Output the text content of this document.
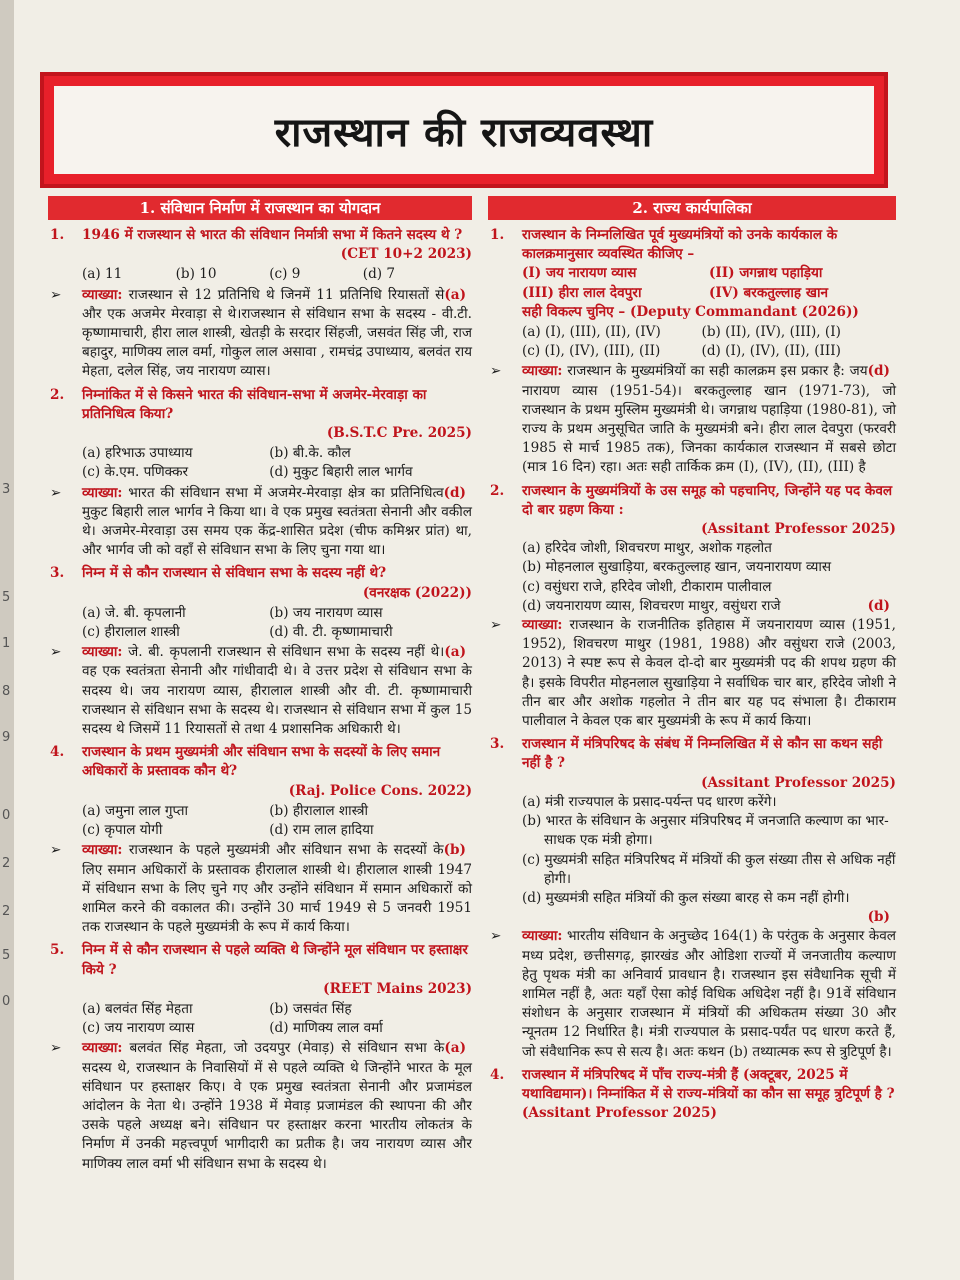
3
5
1
8
9
0
2
2
5
0
राजस्थान की राजव्यवस्था
1. संविधान निर्माण में राजस्थान का योगदान
1. 1946 में राजस्थान से भारत की संविधान निर्मात्री सभा में कितने सदस्य थे ?
(CET 10+2 2023)
(a) 11	(b) 10	(c) 9	(d) 7
➢	(a)
व्याख्या: राजस्थान से 12 प्रतिनिधि थे जिनमें 11 प्रतिनिधि रियासतों से और एक अजमेर मेरवाड़ा से थे।राजस्थान से संविधान सभा के सदस्य - वी.टी. कृष्णामाचारी, हीरा लाल शास्त्री, खेतड़ी के सरदार सिंहजी, जसवंत सिंह जी, राज बहादुर, माणिक्य लाल वर्मा, गोकुल लाल असावा , रामचंद्र उपाध्याय, बलवंत राय मेहता, दलेल सिंह, जय नारायण व्यास।
2. निम्नांकित में से किसने भारत की संविधान-सभा में अजमेर-मेरवाड़ा का प्रतिनिधित्व किया?
(B.S.T.C Pre. 2025)
(a) हरिभाऊ उपाध्याय	(b) बी.के. कौल
(c) के.एम. पणिक्कर	(d) मुकुट बिहारी लाल भार्गव
➢	(d)
व्याख्या: भारत की संविधान सभा में अजमेर-मेरवाड़ा क्षेत्र का प्रतिनिधित्व मुकुट बिहारी लाल भार्गव ने किया था। वे एक प्रमुख स्वतंत्रता सेनानी और वकील थे। अजमेर-मेरवाड़ा उस समय एक केंद्र-शासित प्रदेश (चीफ कमिश्नर प्रांत) था, और भार्गव जी को वहाँ से संविधान सभा के लिए चुना गया था।
3. निम्न में से कौन राजस्थान से संविधान सभा के सदस्य नहीं थे?
(वनरक्षक (2022))
(a) जे. बी. कृपलानी	(b) जय नारायण व्यास
(c) हीरालाल शास्त्री	(d) वी. टी. कृष्णामाचारी
➢	(a)
व्याख्या: जे. बी. कृपलानी राजस्थान से संविधान सभा के सदस्य नहीं थे। वह एक स्वतंत्रता सेनानी और गांधीवादी थे। वे उत्तर प्रदेश से संविधान सभा के सदस्य थे। जय नारायण व्यास, हीरालाल शास्त्री और वी. टी. कृष्णामाचारी राजस्थान से संविधान सभा के सदस्य थे। राजस्थान से संविधान सभा में कुल 15 सदस्य थे जिसमें 11 रियासतों से तथा 4 प्रशासनिक अधिकारी थे।
4. राजस्थान के प्रथम मुख्यमंत्री और संविधान सभा के सदस्यों के लिए समान अधिकारों के प्रस्तावक कौन थे?
(Raj. Police Cons. 2022)
(a) जमुना लाल गुप्ता	(b) हीरालाल शास्त्री
(c) कृपाल योगी	(d) राम लाल हादिया
➢	(b)
व्याख्या: राजस्थान के पहले मुख्यमंत्री और संविधान सभा के सदस्यों के लिए समान अधिकारों के प्रस्तावक हीरालाल शास्त्री थे। हीरालाल शास्त्री 1947 में संविधान सभा के लिए चुने गए और उन्होंने संविधान में समान अधिकारों को शामिल करने की वकालत की। उन्होंने 30 मार्च 1949 से 5 जनवरी 1951 तक राजस्थान के पहले मुख्यमंत्री के रूप में कार्य किया।
5. निम्न में से कौन राजस्थान से पहले व्यक्ति थे जिन्होंने मूल संविधान पर हस्ताक्षर किये ?
(REET Mains 2023)
(a) बलवंत सिंह मेहता	(b) जसवंत सिंह
(c) जय नारायण व्यास	(d) माणिक्य लाल वर्मा
➢	(a)
व्याख्या: बलवंत सिंह मेहता, जो उदयपुर (मेवाड़) से संविधान सभा के सदस्य थे, राजस्थान के निवासियों में से पहले व्यक्ति थे जिन्होंने भारत के मूल संविधान पर हस्ताक्षर किए। वे एक प्रमुख स्वतंत्रता सेनानी और प्रजामंडल आंदोलन के नेता थे। उन्होंने 1938 में मेवाड़ प्रजामंडल की स्थापना की और उसके पहले अध्यक्ष बने। संविधान पर हस्ताक्षर करना भारतीय लोकतंत्र के निर्माण में उनकी महत्त्वपूर्ण भागीदारी का प्रतीक है। जय नारायण व्यास और माणिक्य लाल वर्मा भी संविधान सभा के सदस्य थे।
2. राज्य कार्यपालिका
1. राजस्थान के निम्नलिखित पूर्व मुख्यमंत्रियों को उनके कार्यकाल के कालक्रमानुसार व्यवस्थित कीजिए –
(I) जय नारायण व्यास	(II) जगन्नाथ पहाड़िया
(III) हीरा लाल देवपुरा	(IV) बरकतुल्लाह खान
सही विकल्प चुनिए – (Deputy Commandant (2026))
(a) (I), (III), (II), (IV)	(b) (II), (IV), (III), (I)
(c) (I), (IV), (III), (II)	(d) (I), (IV), (II), (III)
➢	(d)
व्याख्या: राजस्थान के मुख्यमंत्रियों का सही कालक्रम इस प्रकार है: जय नारायण व्यास (1951-54)। बरकतुल्लाह खान (1971-73), जो राजस्थान के प्रथम मुस्लिम मुख्यमंत्री थे। जगन्नाथ पहाड़िया (1980-81), जो राज्य के प्रथम अनुसूचित जाति के मुख्यमंत्री बने। हीरा लाल देवपुरा (फरवरी 1985 से मार्च 1985 तक), जिनका कार्यकाल राजस्थान में सबसे छोटा (मात्र 16 दिन) रहा। अतः सही तार्किक क्रम (I), (IV), (II), (III) है
2. राजस्थान के मुख्यमंत्रियों के उस समूह को पहचानिए, जिन्होंने यह पद केवल दो बार ग्रहण किया :
(Assitant Professor 2025)
(a) हरिदेव जोशी, शिवचरण माथुर, अशोक गहलोत
(b) मोहनलाल सुखाड़िया, बरकतुल्लाह खान, जयनारायण व्यास
(c) वसुंधरा राजे, हरिदेव जोशी, टीकाराम पालीवाल
(d) जयनारायण व्यास, शिवचरण माथुर, वसुंधरा राजे	(d)
➢ व्याख्या: राजस्थान के राजनीतिक इतिहास में जयनारायण व्यास (1951, 1952), शिवचरण माथुर (1981, 1988) और वसुंधरा राजे (2003, 2013) ने स्पष्ट रूप से केवल दो-दो बार मुख्यमंत्री पद की शपथ ग्रहण की है। इसके विपरीत मोहनलाल सुखाड़िया ने सर्वाधिक चार बार, हरिदेव जोशी ने तीन बार और अशोक गहलोत ने तीन बार यह पद संभाला है। टीकाराम पालीवाल ने केवल एक बार मुख्यमंत्री के रूप में कार्य किया।
3. राजस्थान में मंत्रिपरिषद के संबंध में निम्नलिखित में से कौन सा कथन सही नहीं है ?
(Assitant Professor 2025)
(a) मंत्री राज्यपाल के प्रसाद-पर्यन्त पद धारण करेंगे।
(b) भारत के संविधान के अनुसार मंत्रिपरिषद में जनजाति कल्याण का भार-साधक एक मंत्री होगा।
(c) मुख्यमंत्री सहित मंत्रिपरिषद में मंत्रियों की कुल संख्या तीस से अधिक नहीं होगी।
(d) मुख्यमंत्री सहित मंत्रियों की कुल संख्या बारह से कम नहीं होगी।
(b)
➢ व्याख्या: भारतीय संविधान के अनुच्छेद 164(1) के परंतुक के अनुसार केवल मध्य प्रदेश, छत्तीसगढ़, झारखंड और ओडिशा राज्यों में जनजातीय कल्याण हेतु पृथक मंत्री का अनिवार्य प्रावधान है। राजस्थान इस संवैधानिक सूची में शामिल नहीं है, अतः यहाँ ऐसा कोई विधिक अधिदेश नहीं है। 91वें संविधान संशोधन के अनुसार राजस्थान में मंत्रियों की अधिकतम संख्या 30 और न्यूनतम 12 निर्धारित है। मंत्री राज्यपाल के प्रसाद-पर्यंत पद धारण करते हैं, जो संवैधानिक रूप से सत्य है। अतः कथन (b) तथ्यात्मक रूप से त्रुटिपूर्ण है।
4. राजस्थान में मंत्रिपरिषद में पाँच राज्य-मंत्री हैं (अक्टूबर, 2025 में यथाविद्यमान)। निम्नांकित में से राज्य-मंत्रियों का कौन सा समूह त्रुटिपूर्ण है ? (Assitant Professor 2025)
